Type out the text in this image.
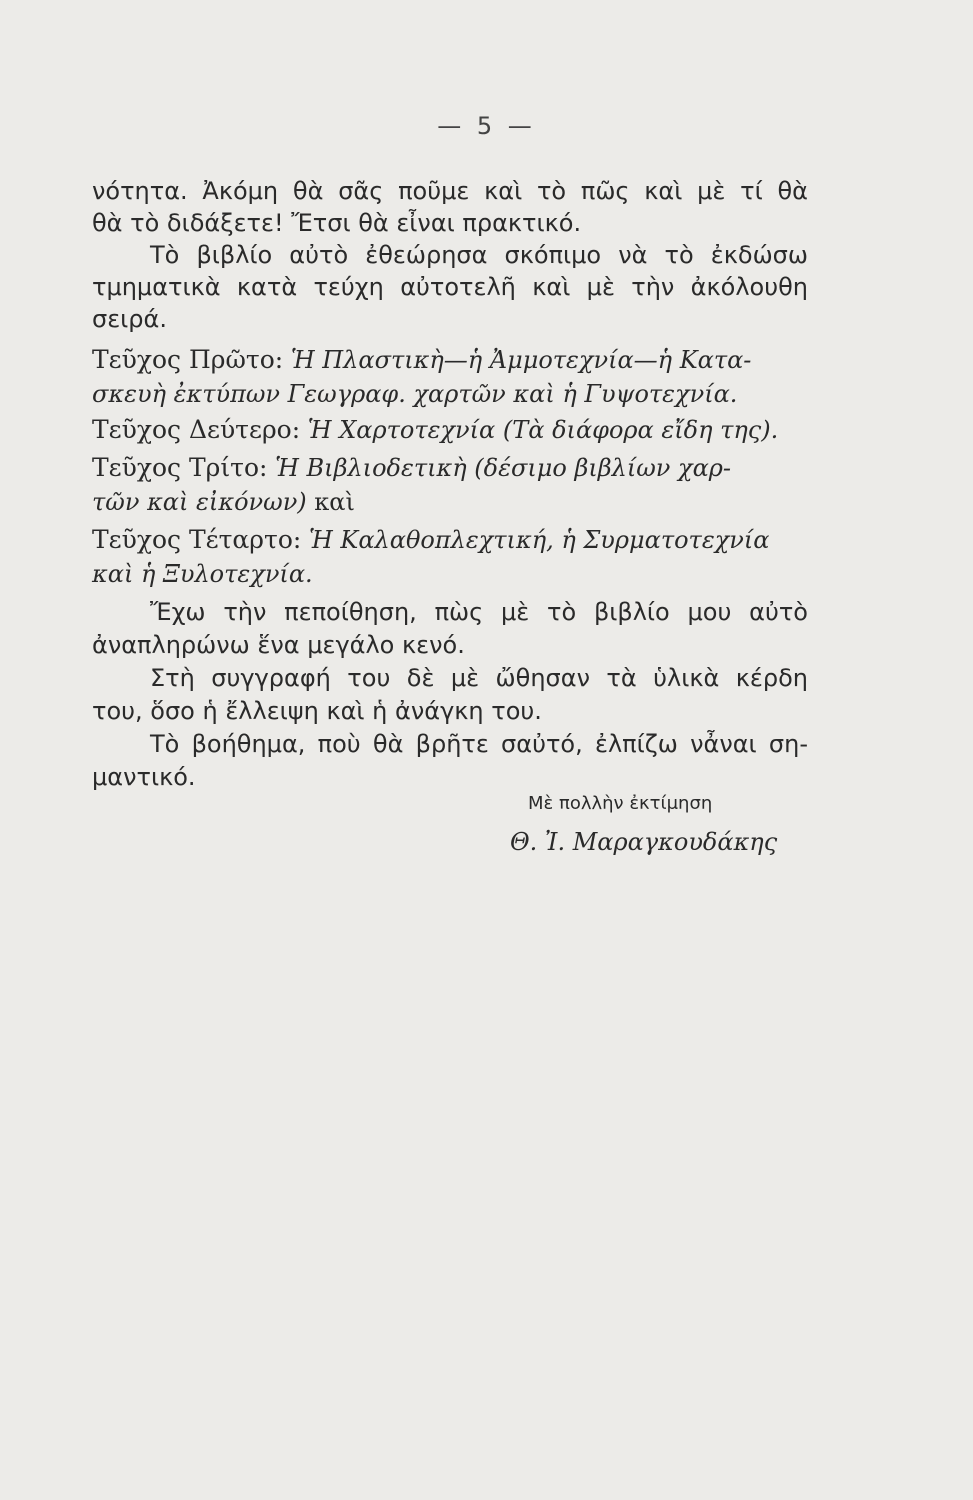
— 5 —
νότητα. Ἀκόμη θὰ σᾶς ποῦμε καὶ τὸ πῶς καὶ μὲ τί θὰ
θὰ τὸ διδάξετε! Ἔτσι θὰ εἶναι πρακτικό.
Τὸ βιβλίο αὐτὸ ἐθεώρησα σκόπιμο νὰ τὸ ἐκδώσω
τμηματικὰ κατὰ τεύχη αὐτοτελῆ καὶ μὲ τὴν ἀκόλουθη
σειρά.
Τεῦχος Πρῶτο: Ἡ Πλαστικὴ—ἡ Ἀμμοτεχνία—ἡ Κατα-
σκευὴ ἐκτύπων Γεωγραφ. χαρτῶν καὶ ἡ Γυψοτεχνία.
Τεῦχος Δεύτερο: Ἡ Χαρτοτεχνία (Τὰ διάφορα εἴδη της).
Τεῦχος Τρίτο: Ἡ Βιβλιοδετικὴ (δέσιμο βιβλίων χαρ-
τῶν καὶ εἰκόνων) καὶ
Τεῦχος Τέταρτο: Ἡ Καλαθοπλεχτική, ἡ Συρματοτεχνία
καὶ ἡ Ξυλοτεχνία.
Ἔχω τὴν πεποίθηση, πὼς μὲ τὸ βιβλίο μου αὐτὸ
ἀναπληρώνω ἕνα μεγάλο κενό.
Στὴ συγγραφή του δὲ μὲ ὤθησαν τὰ ὑλικὰ κέρδη
του, ὅσο ἡ ἔλλειψη καὶ ἡ ἀνάγκη του.
Τὸ βοήθημα, ποὺ θὰ βρῆτε σαὐτό, ἐλπίζω νἆναι ση-
μαντικό.
Μὲ πολλὴν ἐκτίμηση
Θ. Ἰ. Μαραγκουδάκης
